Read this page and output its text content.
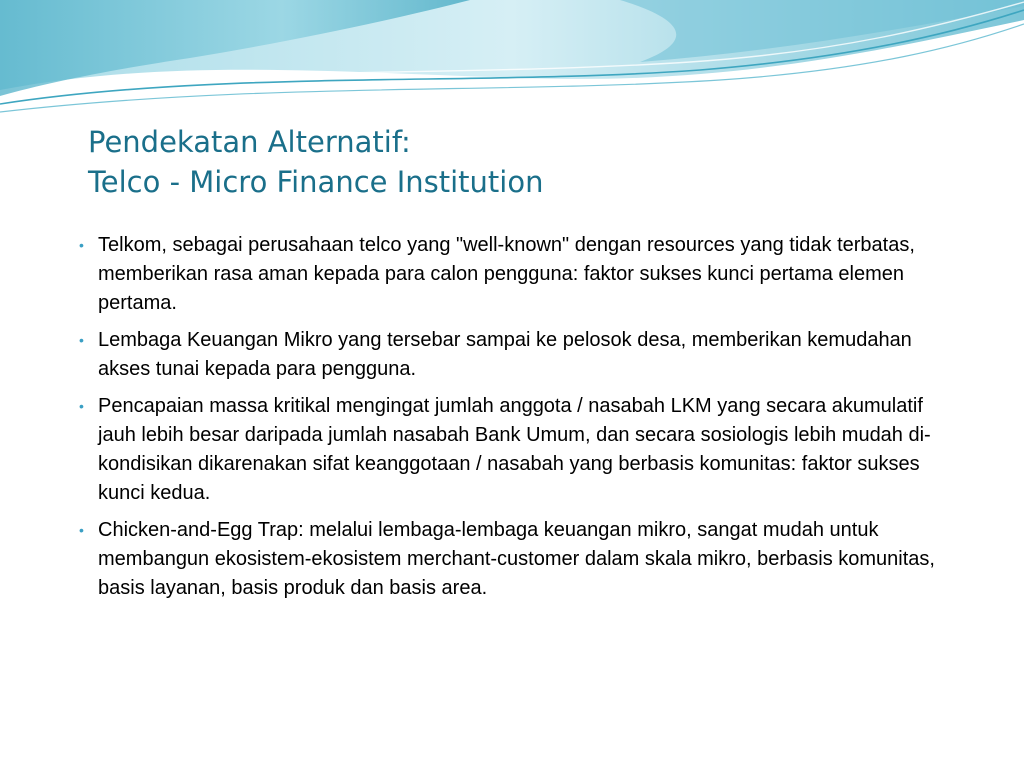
Pendekatan Alternatif:
Telco - Micro Finance Institution
• Telkom, sebagai perusahaan telco yang "well-known" dengan resources yang tidak terbatas, memberikan rasa aman kepada para calon pengguna: faktor sukses kunci pertama elemen pertama.
• Lembaga Keuangan Mikro yang tersebar sampai ke pelosok desa, memberikan kemudahan akses tunai kepada para pengguna.
• Pencapaian massa kritikal mengingat jumlah anggota / nasabah LKM yang secara akumulatif jauh lebih besar daripada jumlah nasabah Bank Umum, dan secara sosiologis lebih mudah di-kondisikan dikarenakan sifat keanggotaan / nasabah yang berbasis komunitas: faktor sukses kunci kedua.
• Chicken-and-Egg Trap: melalui lembaga-lembaga keuangan mikro, sangat mudah untuk membangun ekosistem-ekosistem merchant-customer dalam skala mikro, berbasis komunitas, basis layanan, basis produk dan basis area.
